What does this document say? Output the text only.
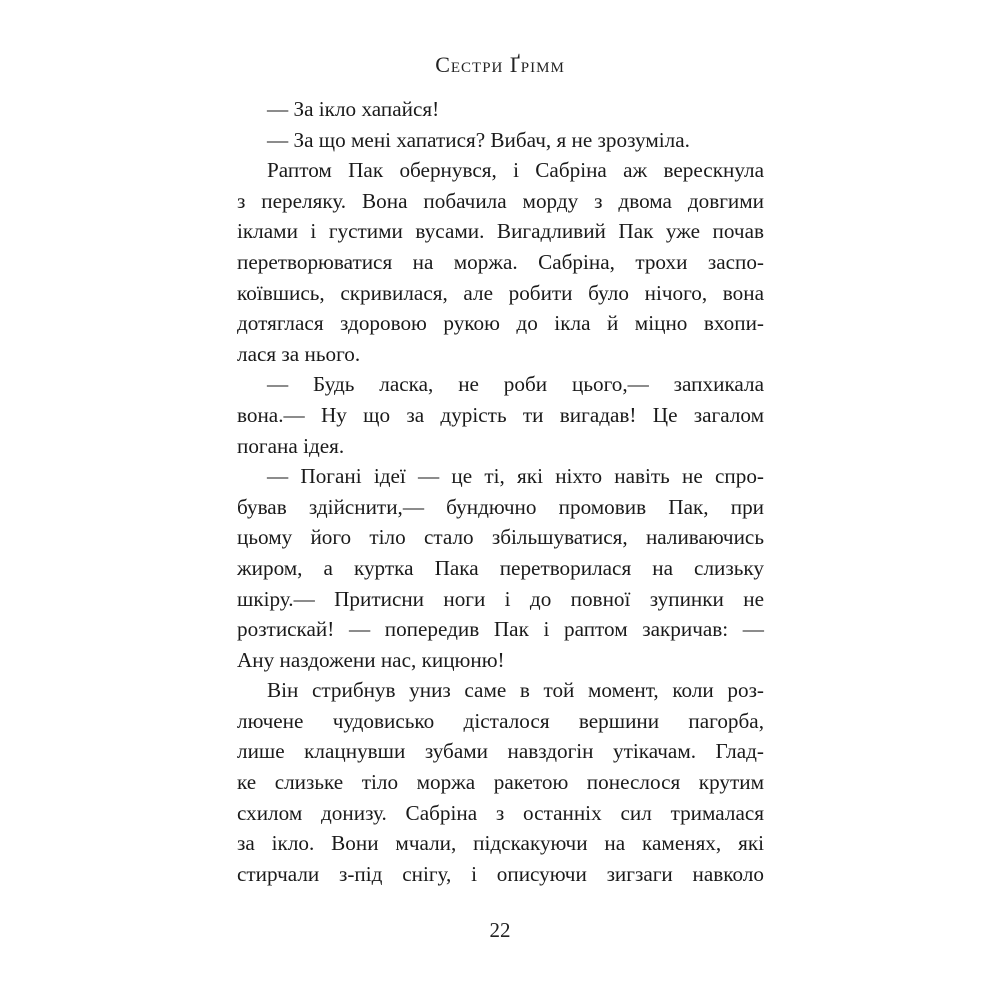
Сестри Ґрімм
— За ікло хапайся!
— За що мені хапатися? Вибач, я не зрозуміла.
Раптом Пак обернувся, і Сабріна аж верескнула
з переляку. Вона побачила морду з двома довгими
іклами і густими вусами. Вигадливий Пак уже почав
перетворюватися на моржа. Сабріна, трохи заспо-
коївшись, скривилася, але робити було нічого, вона
дотяглася здоровою рукою до ікла й міцно вхопи-
лася за нього.
— Будь ласка, не роби цього,— запхикала
вона.— Ну що за дурість ти вигадав! Це загалом
погана ідея.
— Погані ідеї — це ті, які ніхто навіть не спро-
бував здійснити,— бундючно промовив Пак, при
цьому його тіло стало збільшуватися, наливаючись
жиром, а куртка Пака перетворилася на слизьку
шкіру.— Притисни ноги і до повної зупинки не
розтискай! — попередив Пак і раптом закричав: —
Ану наздожени нас, кицюню!
Він стрибнув униз саме в той момент, коли роз-
лючене чудовисько дісталося вершини пагорба,
лише клацнувши зубами навздогін утікачам. Глад-
ке слизьке тіло моржа ракетою понеслося крутим
схилом донизу. Сабріна з останніх сил трималася
за ікло. Вони мчали, підскакуючи на каменях, які
стирчали з-під снігу, і описуючи зигзаги навколо
22
